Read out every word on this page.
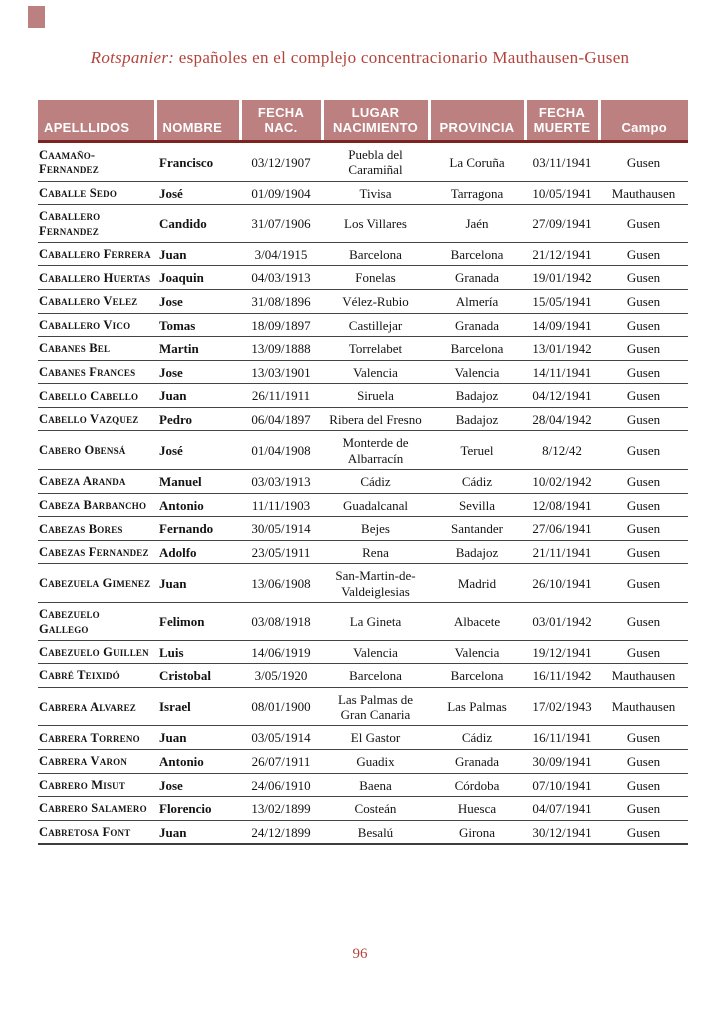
Rotspanier: españoles en el complejo concentracionario Mauthausen-Gusen
APELLLIDOS	NOMBRE	FECHA NAC.	LUGAR NACIMIENTO	PROVINCIA	FECHA MUERTE	Campo
Caamaño-Fernandez	Francisco	03/12/1907	Puebla del Caramiñal	La Coruña	03/11/1941	Gusen
Caballe Sedo	José	01/09/1904	Tivisa	Tarragona	10/05/1941	Mauthausen
Caballero Fernandez	Candido	31/07/1906	Los Villares	Jaén	27/09/1941	Gusen
Caballero Ferrera	Juan	3/04/1915	Barcelona	Barcelona	21/12/1941	Gusen
Caballero Huertas	Joaquin	04/03/1913	Fonelas	Granada	19/01/1942	Gusen
Caballero Velez	Jose	31/08/1896	Vélez-Rubio	Almería	15/05/1941	Gusen
Caballero Vico	Tomas	18/09/1897	Castillejar	Granada	14/09/1941	Gusen
Cabanes Bel	Martin	13/09/1888	Torrelabet	Barcelona	13/01/1942	Gusen
Cabanes Frances	Jose	13/03/1901	Valencia	Valencia	14/11/1941	Gusen
Cabello Cabello	Juan	26/11/1911	Siruela	Badajoz	04/12/1941	Gusen
Cabello Vazquez	Pedro	06/04/1897	Ribera del Fresno	Badajoz	28/04/1942	Gusen
Cabero Obensá	José	01/04/1908	Monterde de Albarracín	Teruel	8/12/42	Gusen
Cabeza Aranda	Manuel	03/03/1913	Cádiz	Cádiz	10/02/1942	Gusen
Cabeza Barbancho	Antonio	11/11/1903	Guadalcanal	Sevilla	12/08/1941	Gusen
Cabezas Bores	Fernando	30/05/1914	Bejes	Santander	27/06/1941	Gusen
Cabezas Fernandez	Adolfo	23/05/1911	Rena	Badajoz	21/11/1941	Gusen
Cabezuela Gimenez	Juan	13/06/1908	San-Martin-de-Valdeiglesias	Madrid	26/10/1941	Gusen
Cabezuelo Gallego	Felimon	03/08/1918	La Gineta	Albacete	03/01/1942	Gusen
Cabezuelo Guillen	Luis	14/06/1919	Valencia	Valencia	19/12/1941	Gusen
Cabré Teixidó	Cristobal	3/05/1920	Barcelona	Barcelona	16/11/1942	Mauthausen
Cabrera Alvarez	Israel	08/01/1900	Las Palmas de Gran Canaria	Las Palmas	17/02/1943	Mauthausen
Cabrera Torreno	Juan	03/05/1914	El Gastor	Cádiz	16/11/1941	Gusen
Cabrera Varon	Antonio	26/07/1911	Guadix	Granada	30/09/1941	Gusen
Cabrero Misut	Jose	24/06/1910	Baena	Córdoba	07/10/1941	Gusen
Cabrero Salamero	Florencio	13/02/1899	Costeán	Huesca	04/07/1941	Gusen
Cabretosa Font	Juan	24/12/1899	Besalú	Girona	30/12/1941	Gusen
96
